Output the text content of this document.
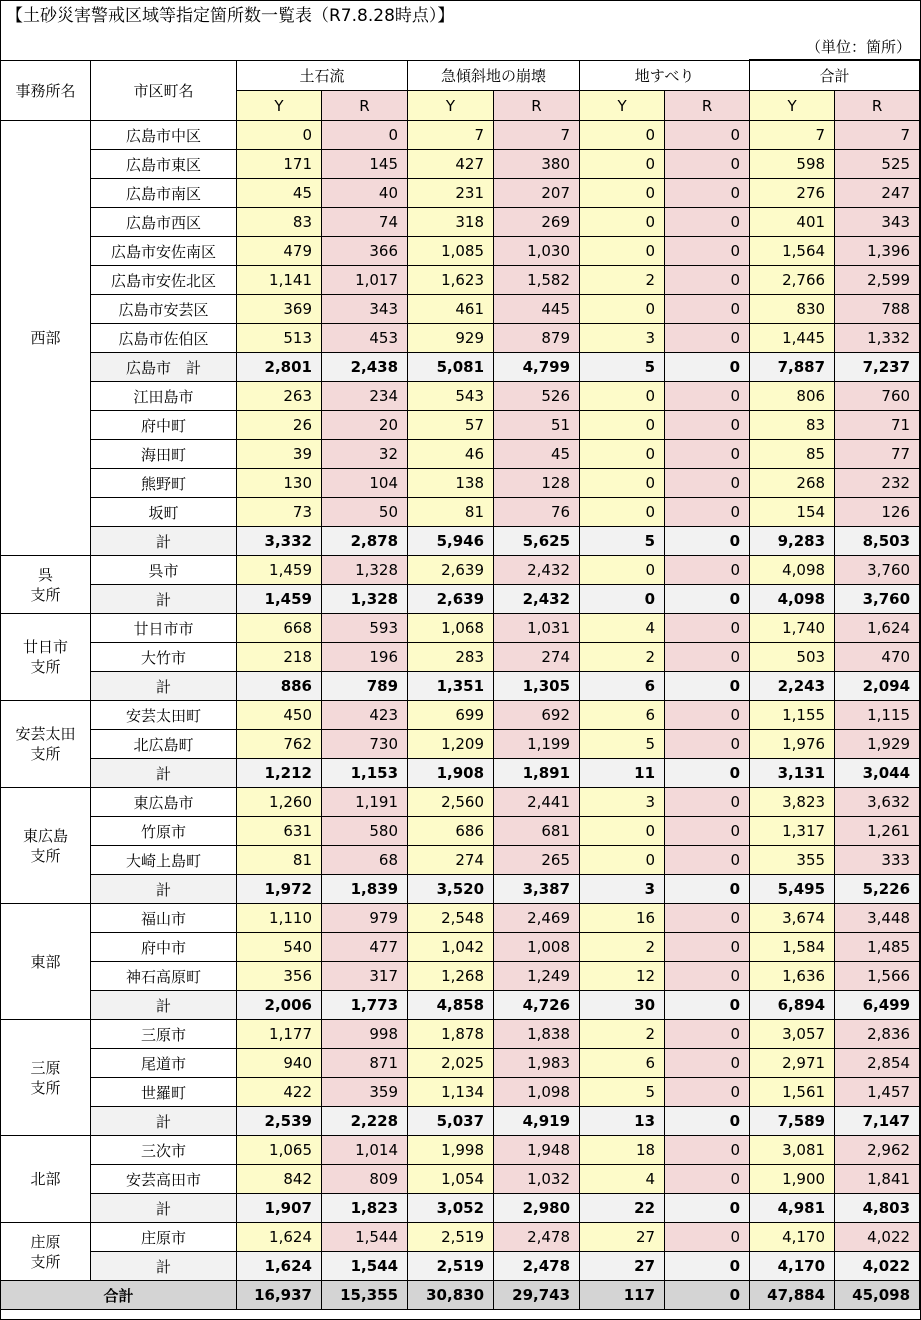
【土砂災害警戒区域等指定箇所数一覧表（R7.8.28時点）】
（単位：箇所）
事務所名	市区町名	土石流		急傾斜地の崩壊		地すべり		合計	
		Y	R	Y	R	Y	R	Y	R
西部	広島市中区	0	0	7	7	0	0	7	7
	広島市東区	171	145	427	380	0	0	598	525
	広島市南区	45	40	231	207	0	0	276	247
	広島市西区	83	74	318	269	0	0	401	343
	広島市安佐南区	479	366	1,085	1,030	0	0	1,564	1,396
	広島市安佐北区	1,141	1,017	1,623	1,582	2	0	2,766	2,599
	広島市安芸区	369	343	461	445	0	0	830	788
	広島市佐伯区	513	453	929	879	3	0	1,445	1,332
	広島市　計	2,801	2,438	5,081	4,799	5	0	7,887	7,237
	江田島市	263	234	543	526	0	0	806	760
	府中町	26	20	57	51	0	0	83	71
	海田町	39	32	46	45	0	0	85	77
	熊野町	130	104	138	128	0	0	268	232
	坂町	73	50	81	76	0	0	154	126
	計	3,332	2,878	5,946	5,625	5	0	9,283	8,503
呉
支所	呉市	1,459	1,328	2,639	2,432	0	0	4,098	3,760
	計	1,459	1,328	2,639	2,432	0	0	4,098	3,760
廿日市
支所	廿日市市	668	593	1,068	1,031	4	0	1,740	1,624
	大竹市	218	196	283	274	2	0	503	470
	計	886	789	1,351	1,305	6	0	2,243	2,094
安芸太田
支所	安芸太田町	450	423	699	692	6	0	1,155	1,115
	北広島町	762	730	1,209	1,199	5	0	1,976	1,929
	計	1,212	1,153	1,908	1,891	11	0	3,131	3,044
東広島
支所	東広島市	1,260	1,191	2,560	2,441	3	0	3,823	3,632
	竹原市	631	580	686	681	0	0	1,317	1,261
	大崎上島町	81	68	274	265	0	0	355	333
	計	1,972	1,839	3,520	3,387	3	0	5,495	5,226
東部	福山市	1,110	979	2,548	2,469	16	0	3,674	3,448
	府中市	540	477	1,042	1,008	2	0	1,584	1,485
	神石高原町	356	317	1,268	1,249	12	0	1,636	1,566
	計	2,006	1,773	4,858	4,726	30	0	6,894	6,499
三原
支所	三原市	1,177	998	1,878	1,838	2	0	3,057	2,836
	尾道市	940	871	2,025	1,983	6	0	2,971	2,854
	世羅町	422	359	1,134	1,098	5	0	1,561	1,457
	計	2,539	2,228	5,037	4,919	13	0	7,589	7,147
北部	三次市	1,065	1,014	1,998	1,948	18	0	3,081	2,962
	安芸高田市	842	809	1,054	1,032	4	0	1,900	1,841
	計	1,907	1,823	3,052	2,980	22	0	4,981	4,803
庄原
支所	庄原市	1,624	1,544	2,519	2,478	27	0	4,170	4,022
	計	1,624	1,544	2,519	2,478	27	0	4,170	4,022
合計		16,937	15,355	30,830	29,743	117	0	47,884	45,098
